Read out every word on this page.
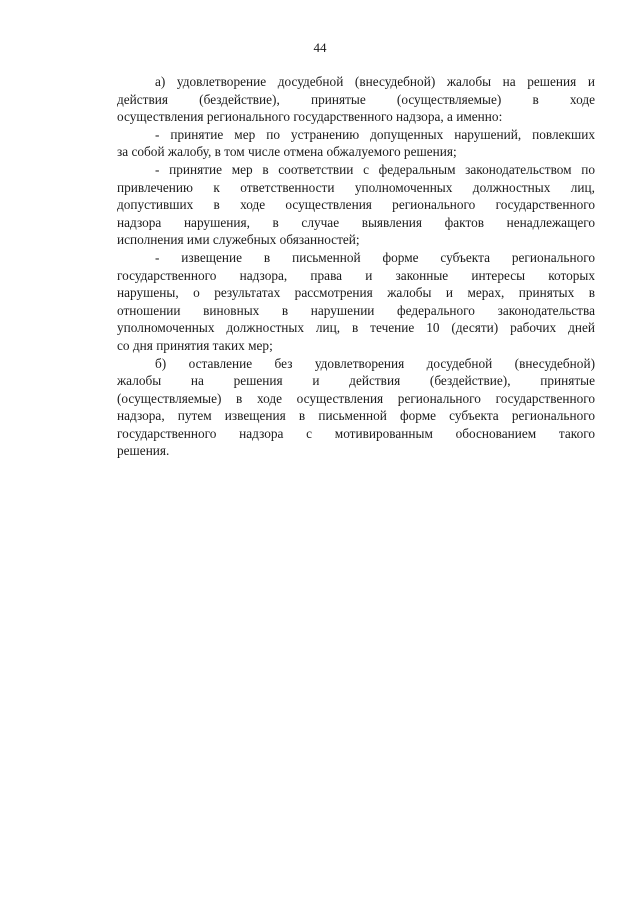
44
а) удовлетворение досудебной (внесудебной) жалобы на решения и
действия (бездействие), принятые (осуществляемые) в ходе
осуществления регионального государственного надзора, а именно:
- принятие мер по устранению допущенных нарушений, повлекших
за собой жалобу, в том числе отмена обжалуемого решения;
- принятие мер в соответствии с федеральным законодательством по
привлечению к ответственности уполномоченных должностных лиц,
допустивших в ходе осуществления регионального государственного
надзора нарушения, в случае выявления фактов ненадлежащего
исполнения ими служебных обязанностей;
- извещение в письменной форме субъекта регионального
государственного надзора, права и законные интересы которых
нарушены, о результатах рассмотрения жалобы и мерах, принятых в
отношении виновных в нарушении федерального законодательства
уполномоченных должностных лиц, в течение 10 (десяти) рабочих дней
со дня принятия таких мер;
б) оставление без удовлетворения досудебной (внесудебной)
жалобы на решения и действия (бездействие), принятые
(осуществляемые) в ходе осуществления регионального государственного
надзора, путем извещения в письменной форме субъекта регионального
государственного надзора с мотивированным обоснованием такого
решения.
